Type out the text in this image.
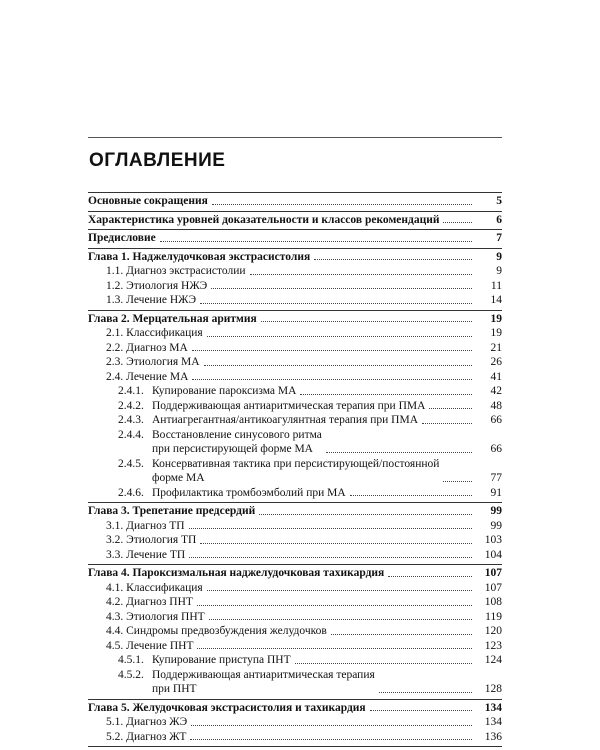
ОГЛАВЛЕНИЕ
Основные сокращения	5
Характеристика уровней доказательности и классов рекомендаций	6
Предисловие	7
Глава 1. Наджелудочковая экстрасистолия	9
1.1. Диагноз экстрасистолии	9
1.2. Этиология НЖЭ	11
1.3. Лечение НЖЭ	14
Глава 2. Мерцательная аритмия	19
2.1. Классификация	19
2.2. Диагноз МА	21
2.3. Этиология МА	26
2.4. Лечение МА	41
2.4.1. Купирование пароксизма МА	42
2.4.2. Поддерживающая антиаритмическая терапия при ПМА	48
2.4.3. Антиагрегантная/антикоагулянтная терапия при ПМА	66
2.4.4. Восстановление синусового ритма
при персистирующей форме МА	66
2.4.5. Консервативная тактика при персистирующей/постоянной
форме МА	77
2.4.6. Профилактика тромбоэмболий при МА	91
Глава 3. Трепетание предсердий	99
3.1. Диагноз ТП	99
3.2. Этиология ТП	103
3.3. Лечение ТП	104
Глава 4. Пароксизмальная наджелудочковая тахикардия	107
4.1. Классификация	107
4.2. Диагноз ПНТ	108
4.3. Этиология ПНТ	119
4.4. Синдромы предвозбуждения желудочков	120
4.5. Лечение ПНТ	123
4.5.1. Купирование приступа ПНТ	124
4.5.2. Поддерживающая антиаритмическая терапия
при ПНТ	128
Глава 5. Желудочковая экстрасистолия и тахикардия	134
5.1. Диагноз ЖЭ	134
5.2. Диагноз ЖТ	136
